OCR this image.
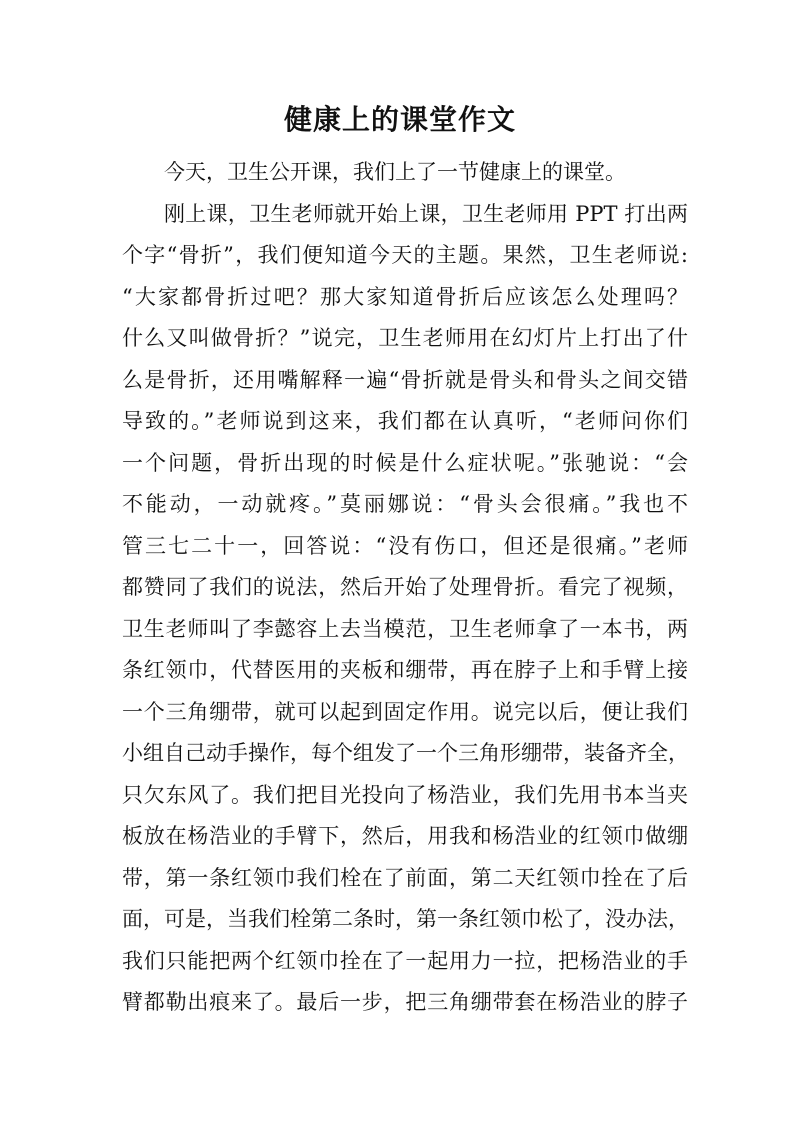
健康上的课堂作文
今天，卫生公开课，我们上了一节健康上的课堂。
刚上课，卫生老师就开始上课，卫生老师用 PPT 打出两
个字“骨折”，我们便知道今天的主题。果然，卫生老师说:
“大家都骨折过吧？那大家知道骨折后应该怎么处理吗？
什么又叫做骨折？”说完，卫生老师用在幻灯片上打出了什
么是骨折，还用嘴解释一遍“骨折就是骨头和骨头之间交错
导致的。”老师说到这来，我们都在认真听，“老师问你们
一个问题，骨折出现的时候是什么症状呢。”张驰说：“会
不能动，一动就疼。”莫丽娜说：“骨头会很痛。”我也不
管三七二十一，回答说：“没有伤口，但还是很痛。”老师
都赞同了我们的说法，然后开始了处理骨折。看完了视频，
卫生老师叫了李懿容上去当模范，卫生老师拿了一本书，两
条红领巾，代替医用的夹板和绷带，再在脖子上和手臂上接
一个三角绷带，就可以起到固定作用。说完以后，便让我们
小组自己动手操作，每个组发了一个三角形绷带，装备齐全，
只欠东风了。我们把目光投向了杨浩业，我们先用书本当夹
板放在杨浩业的手臂下，然后，用我和杨浩业的红领巾做绷
带，第一条红领巾我们栓在了前面，第二天红领巾拴在了后
面，可是，当我们栓第二条时，第一条红领巾松了，没办法，
我们只能把两个红领巾拴在了一起用力一拉，把杨浩业的手
臂都勒出痕来了。最后一步，把三角绷带套在杨浩业的脖子
